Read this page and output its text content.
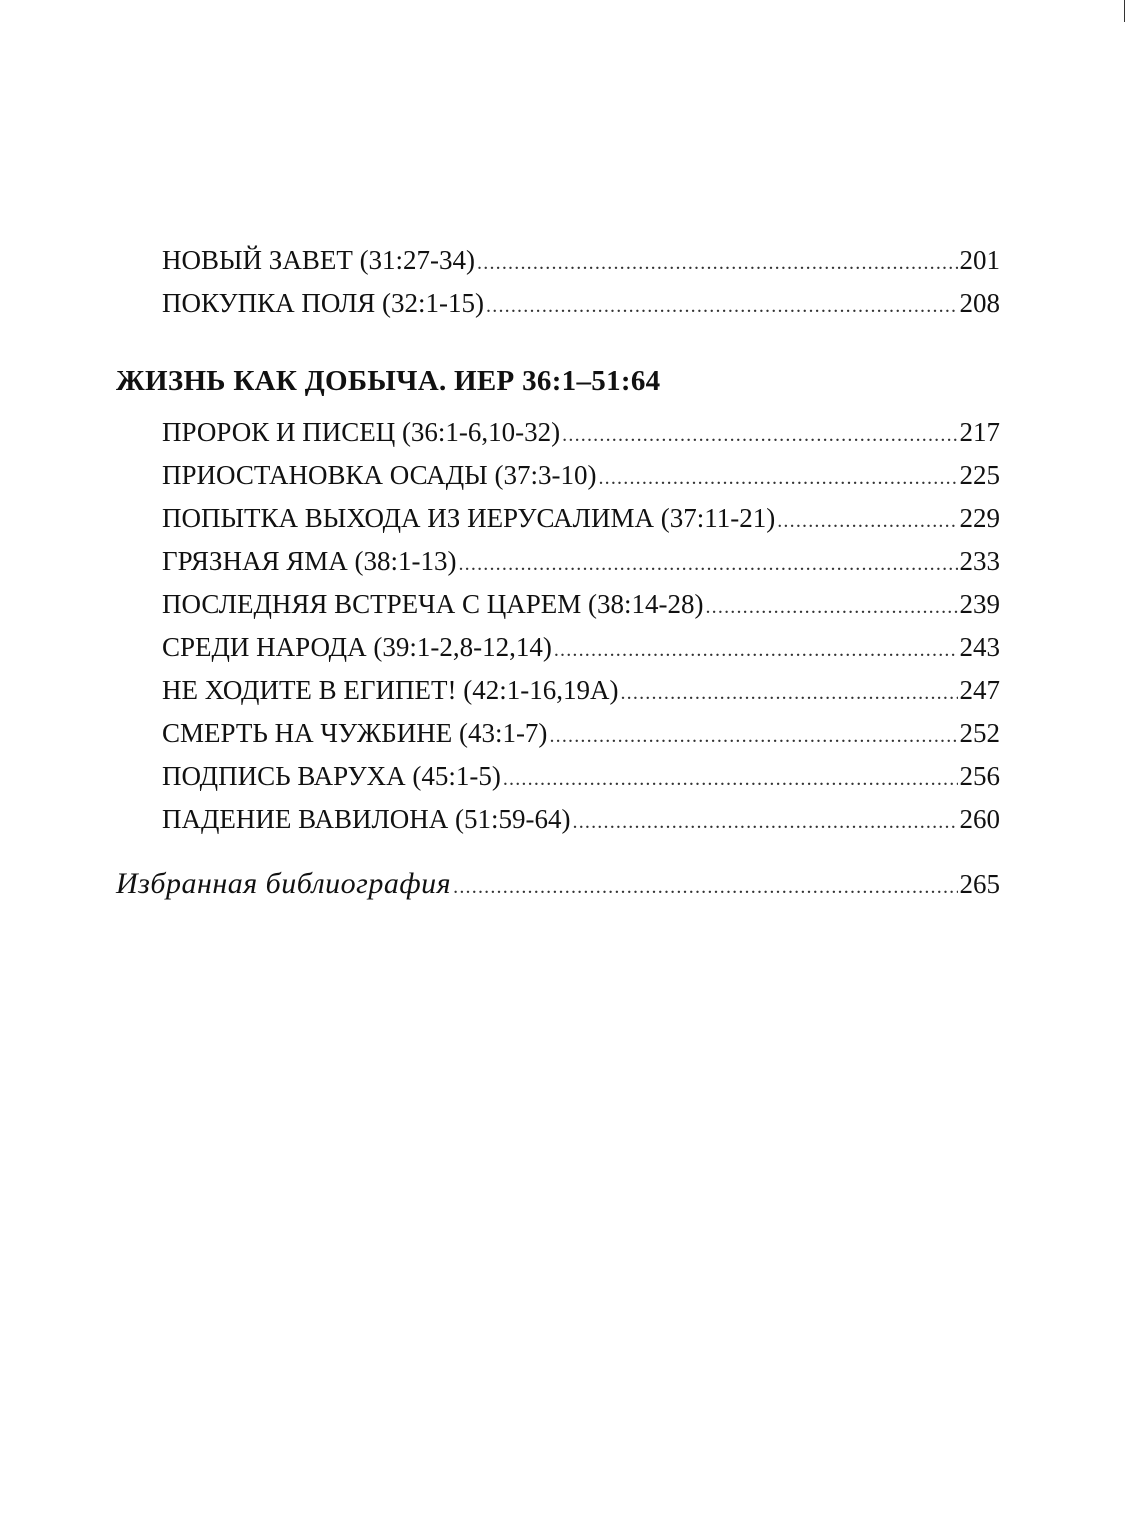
НОВЫЙ ЗАВЕТ (31:27-34) .....	201
ПОКУПКА ПОЛЯ (32:1-15) .....	208
ЖИЗНЬ КАК ДОБЫЧА. ИЕР 36:1–51:64
ПРОРОК И ПИСЕЦ (36:1-6,10-32) .....	217
ПРИОСТАНОВКА ОСАДЫ (37:3-10) .....	225
ПОПЫТКА ВЫХОДА ИЗ ИЕРУСАЛИМА (37:11-21) .....	229
ГРЯЗНАЯ ЯМА (38:1-13) .....	233
ПОСЛЕДНЯЯ ВСТРЕЧА С ЦАРЕМ (38:14-28) .....	239
СРЕДИ НАРОДА (39:1-2,8-12,14) .....	243
НЕ ХОДИТЕ В ЕГИПЕТ! (42:1-16,19А) .....	247
СМЕРТЬ НА ЧУЖБИНЕ (43:1-7) .....	252
ПОДПИСЬ ВАРУХА (45:1-5) .....	256
ПАДЕНИЕ ВАВИЛОНА (51:59-64) .....	260
Избранная библиография .....	265
